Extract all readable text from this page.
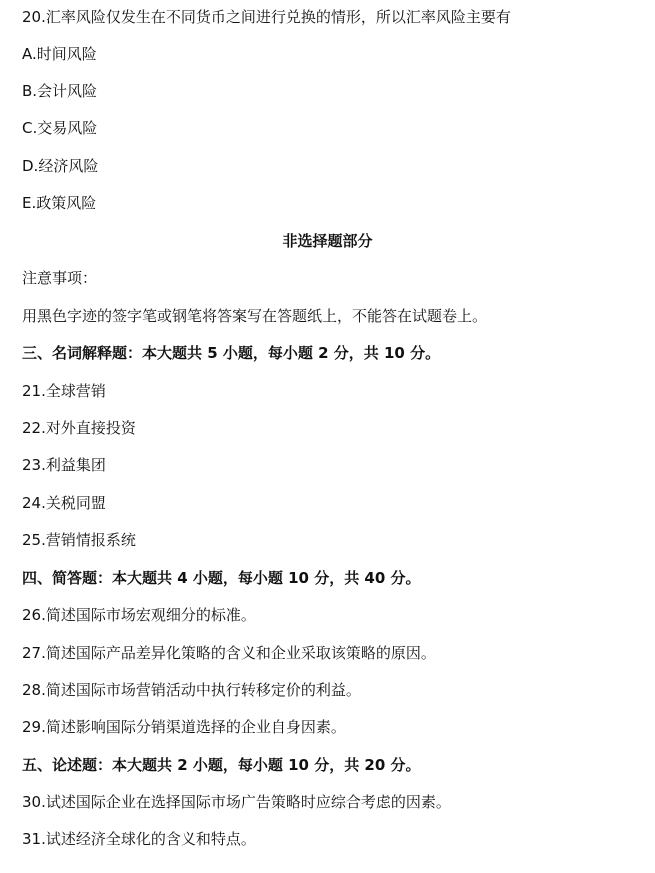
20.汇率风险仅发生在不同货币之间进行兑换的情形，所以汇率风险主要有
A.时间风险
B.会计风险
C.交易风险
D.经济风险
E.政策风险
非选择题部分
注意事项：
用黑色字迹的签字笔或钢笔将答案写在答题纸上，不能答在试题卷上。
三、名词解释题：本大题共 5 小题，每小题 2 分，共 10 分。
21.全球营销
22.对外直接投资
23.利益集团
24.关税同盟
25.营销情报系统
四、简答题：本大题共 4 小题，每小题 10 分，共 40 分。
26.简述国际市场宏观细分的标准。
27.简述国际产品差异化策略的含义和企业采取该策略的原因。
28.简述国际市场营销活动中执行转移定价的利益。
29.简述影响国际分销渠道选择的企业自身因素。
五、论述题：本大题共 2 小题，每小题 10 分，共 20 分。
30.试述国际企业在选择国际市场广告策略时应综合考虑的因素。
31.试述经济全球化的含义和特点。
